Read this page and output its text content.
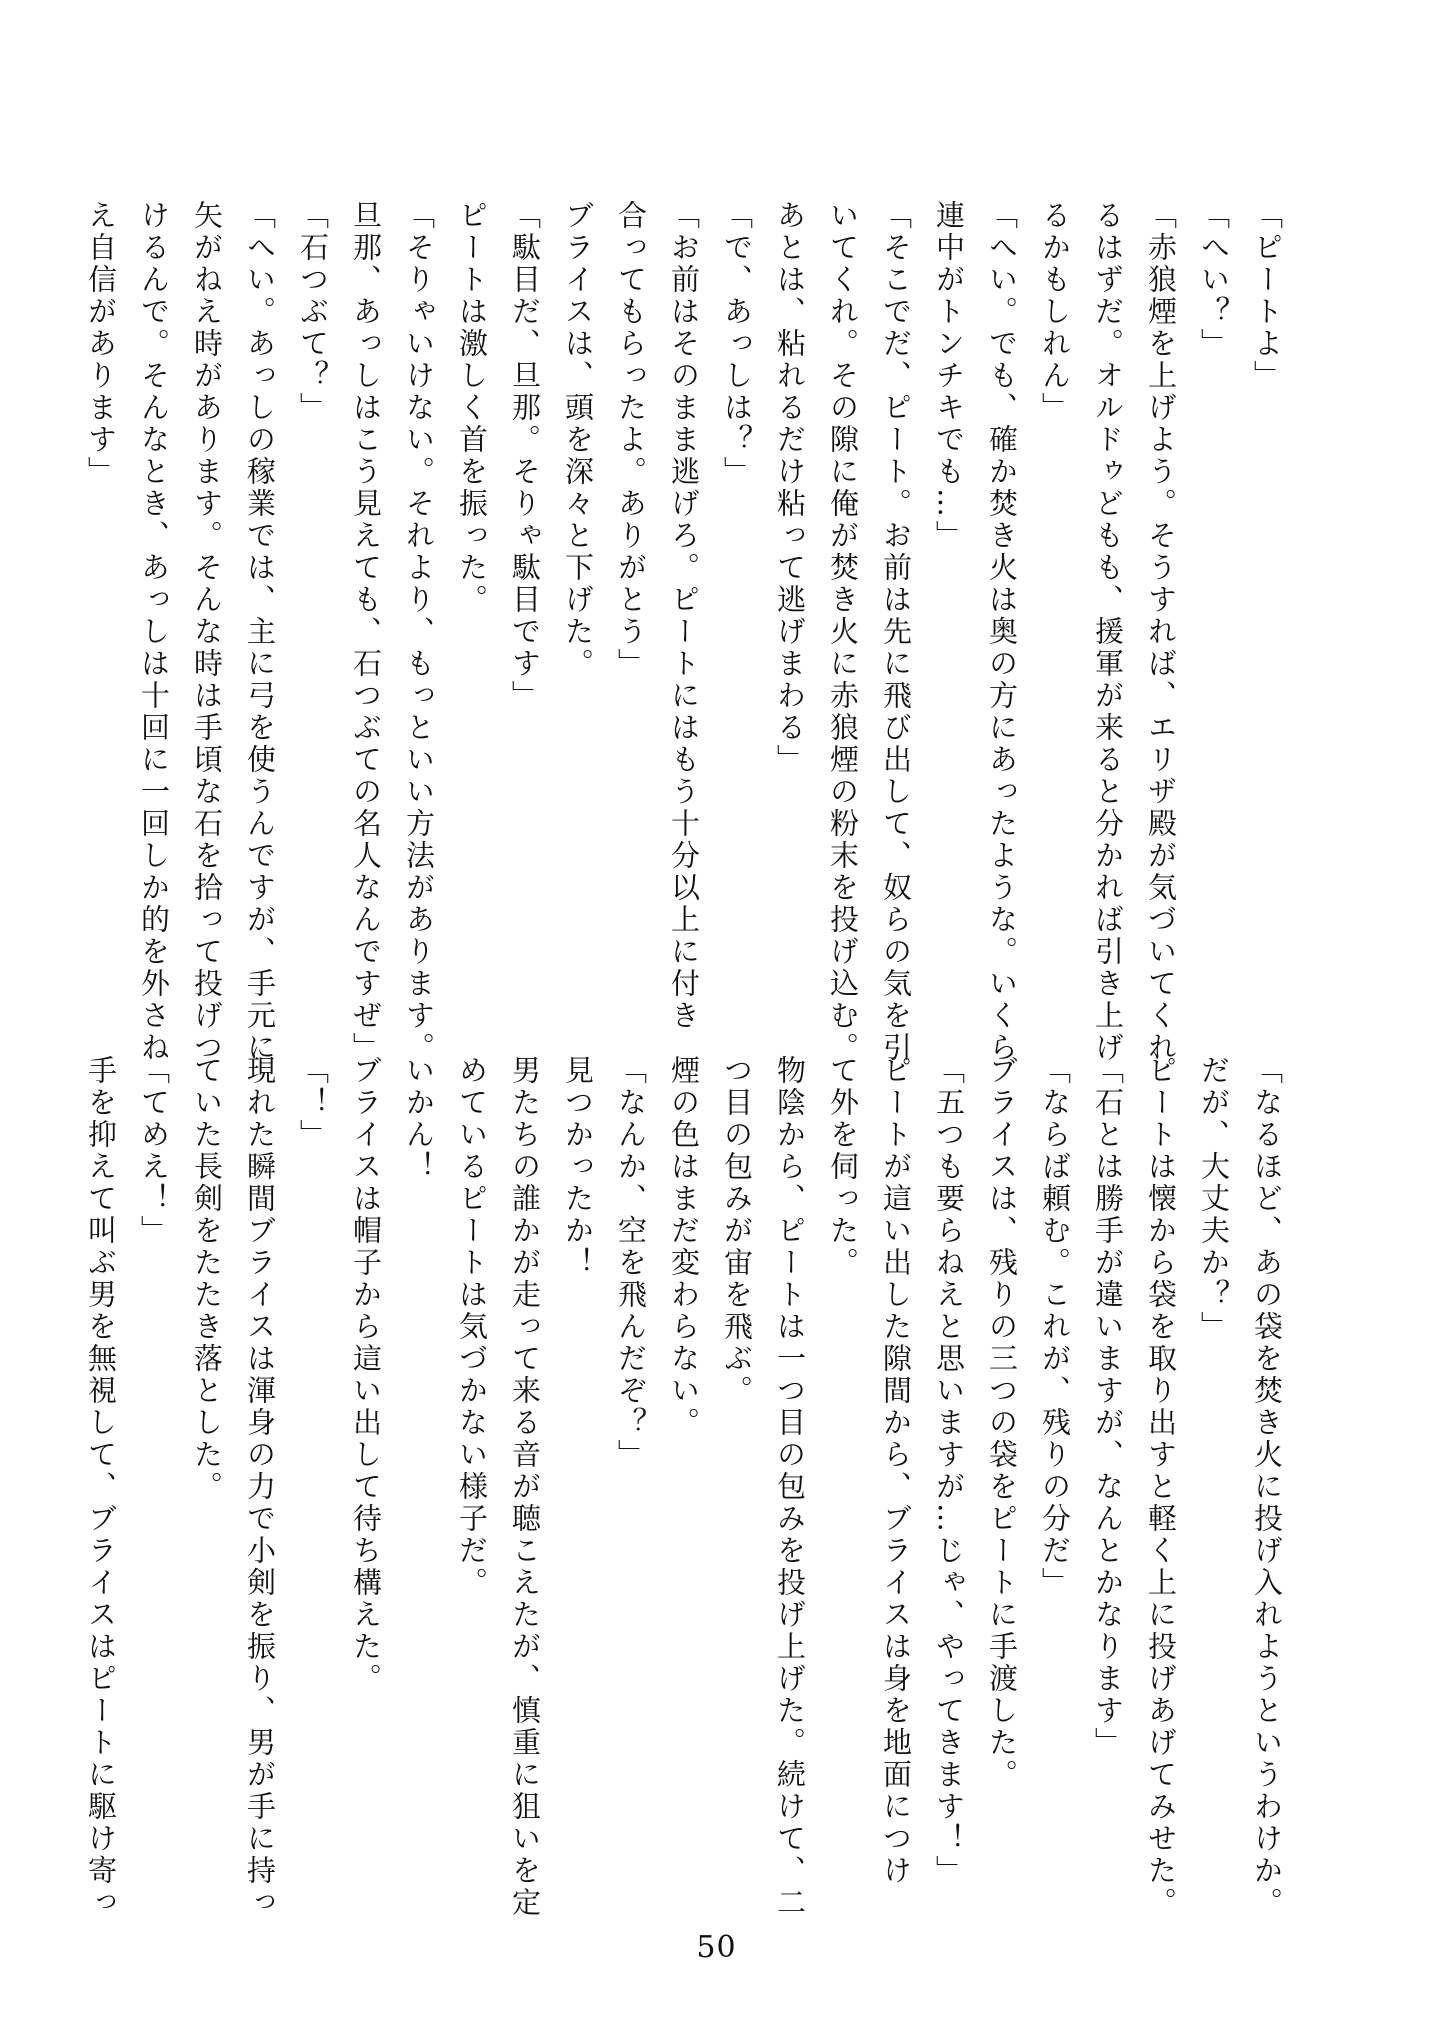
「ピートよ」
「へい？」
「赤狼煙を上げよう。そうすれば、エリザ殿が気づいてくれ
るはずだ。オルドゥどもも、援軍が来ると分かれば引き上げ
るかもしれん」
「へい。でも、確か焚き火は奥の方にあったような。いくら
連中がトンチキでも…」
「そこでだ、ピート。お前は先に飛び出して、奴らの気を引
いてくれ。その隙に俺が焚き火に赤狼煙の粉末を投げ込む。
あとは、粘れるだけ粘って逃げまわる」
「で、あっしは？」
「お前はそのまま逃げろ。ピートにはもう十分以上に付き
合ってもらったよ。ありがとう」
ブライスは、頭を深々と下げた。
「駄目だ、旦那。そりゃ駄目です」
ピートは激しく首を振った。
「そりゃいけない。それより、もっといい方法があります。
旦那、あっしはこう見えても、石つぶての名人なんですぜ」
「石つぶて？」
「へい。あっしの稼業では、主に弓を使うんですが、手元に
矢がねえ時があります。そんな時は手頃な石を拾って投げつ
けるんで。そんなとき、あっしは十回に一回しか的を外さね
え自信があります」
「なるほど、あの袋を焚き火に投げ入れようというわけか。
だが、大丈夫か？」
ピートは懐から袋を取り出すと軽く上に投げあげてみせた。
「石とは勝手が違いますが、なんとかなります」
「ならば頼む。これが、残りの分だ」
ブライスは、残りの三つの袋をピートに手渡した。
「五つも要らねえと思いますが…じゃ、やってきます！」
ピートが這い出した隙間から、ブライスは身を地面につけ
て外を伺った。
物陰から、ピートは一つ目の包みを投げ上げた。続けて、二
つ目の包みが宙を飛ぶ。
煙の色はまだ変わらない。
「なんか、空を飛んだぞ？」
見つかったか！
男たちの誰かが走って来る音が聴こえたが、慎重に狙いを定
めているピートは気づかない様子だ。
いかん！
ブライスは帽子から這い出して待ち構えた。
「！」
現れた瞬間ブライスは渾身の力で小剣を振り、男が手に持っ
ていた長剣をたたき落とした。
「てめえ！」
手を抑えて叫ぶ男を無視して、ブライスはピートに駆け寄っ
50
